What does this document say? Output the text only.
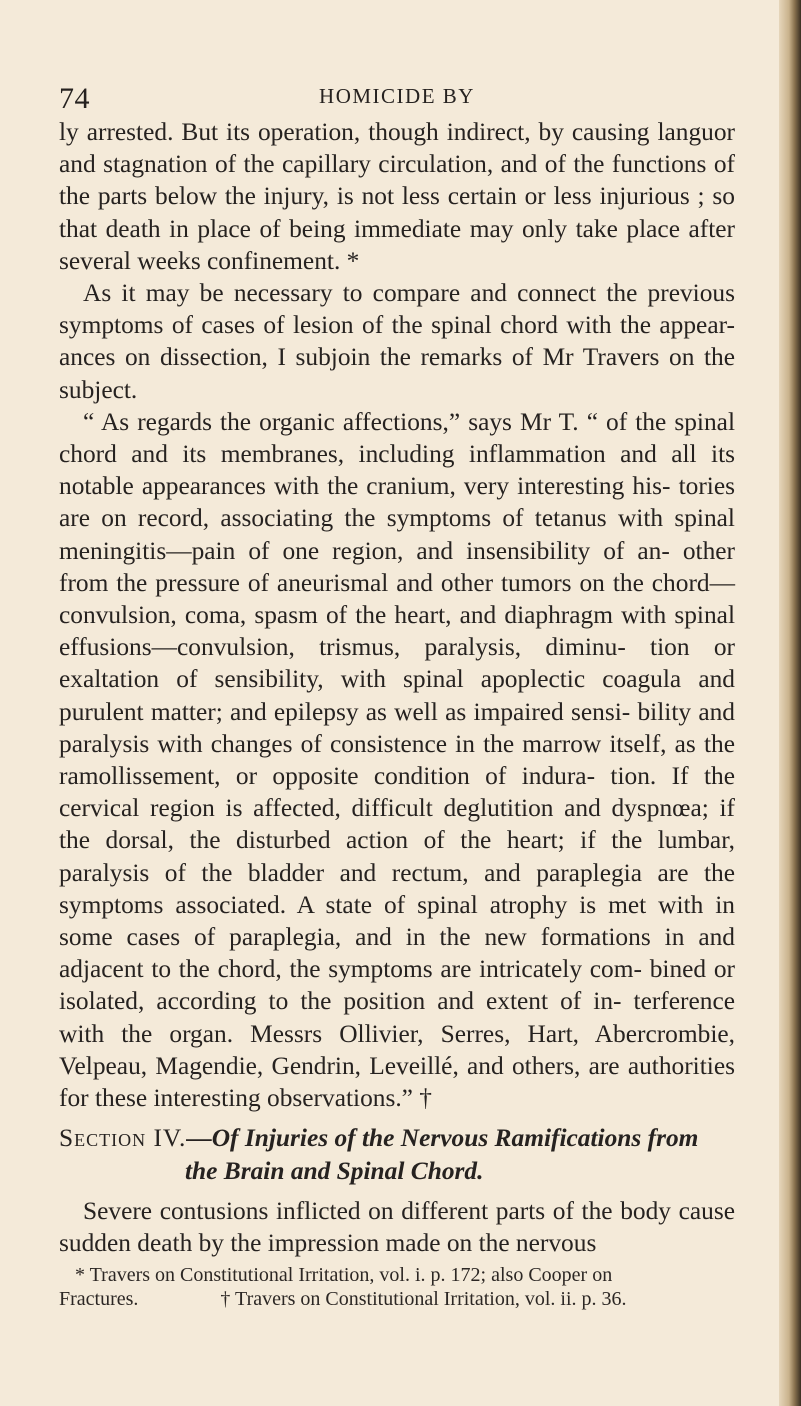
74	HOMICIDE BY

ly arrested. But its operation, though indirect, by causing languor and stagnation of the capillary circulation, and of the functions of the parts below the injury, is not less certain or less injurious ; so that death in place of being immediate may only take place after several weeks confinement. *

As it may be necessary to compare and connect the previous symptoms of cases of lesion of the spinal chord with the appear- ances on dissection, I subjoin the remarks of Mr Travers on the subject.

“ As regards the organic affections,” says Mr T. “ of the spinal chord and its membranes, including inflammation and all its notable appearances with the cranium, very interesting his- tories are on record, associating the symptoms of tetanus with spinal meningitis—pain of one region, and insensibility of an- other from the pressure of aneurismal and other tumors on the chord—convulsion, coma, spasm of the heart, and diaphragm with spinal effusions—convulsion, trismus, paralysis, diminu- tion or exaltation of sensibility, with spinal apoplectic coagula and purulent matter; and epilepsy as well as impaired sensi- bility and paralysis with changes of consistence in the marrow itself, as the ramollissement, or opposite condition of indura- tion. If the cervical region is affected, difficult deglutition and dyspnœa; if the dorsal, the disturbed action of the heart; if the lumbar, paralysis of the bladder and rectum, and paraplegia are the symptoms associated. A state of spinal atrophy is met with in some cases of paraplegia, and in the new formations in and adjacent to the chord, the symptoms are intricately com- bined or isolated, according to the position and extent of in- terference with the organ. Messrs Ollivier, Serres, Hart, Abercrombie, Velpeau, Magendie, Gendrin, Leveillé, and others, are authorities for these interesting observations.” †

Section IV.—Of Injuries of the Nervous Ramifications from
the Brain and Spinal Chord.

Severe contusions inflicted on different parts of the body cause sudden death by the impression made on the nervous

* Travers on Constitutional Irritation, vol. i. p. 172; also Cooper on
Fractures.	† Travers on Constitutional Irritation, vol. ii. p. 36.
